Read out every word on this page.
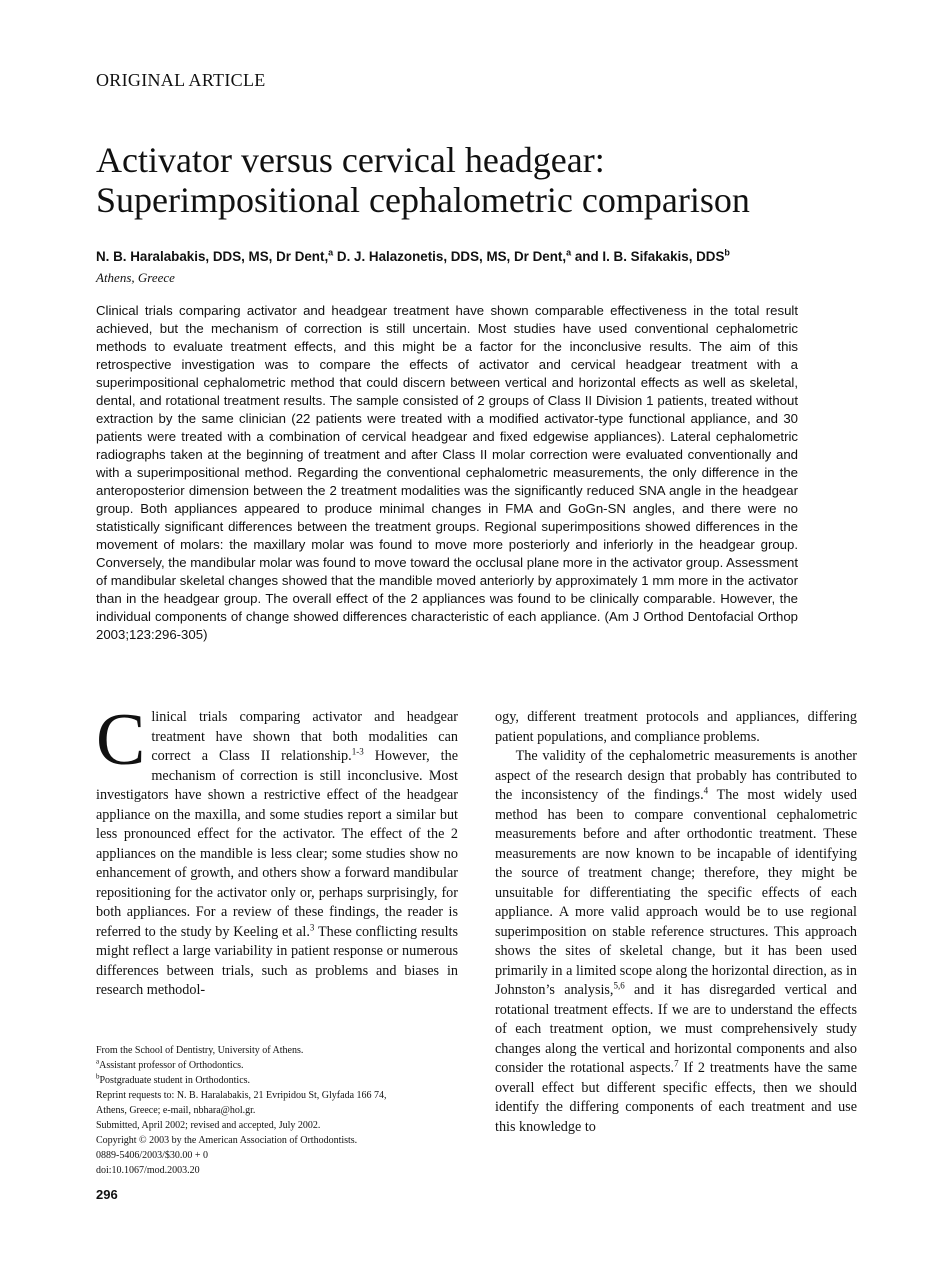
ORIGINAL ARTICLE
Activator versus cervical headgear:
Superimpositional cephalometric comparison
N. B. Haralabakis, DDS, MS, Dr Dent,$^a$ D. J. Halazonetis, DDS, MS, Dr Dent,$^a$ and I. B. Sifakakis, DDS$^b$
Athens, Greece

Clinical trials comparing activator and headgear treatment have shown comparable effectiveness in the total result achieved, but the mechanism of correction is still uncertain. Most studies have used conventional cephalometric methods to evaluate treatment effects, and this might be a factor for the inconclusive results. The aim of this retrospective investigation was to compare the effects of activator and cervical headgear treatment with a superimpositional cephalometric method that could discern between vertical and horizontal effects as well as skeletal, dental, and rotational treatment results. The sample consisted of 2 groups of Class II Division 1 patients, treated without extraction by the same clinician (22 patients were treated with a modified activator-type functional appliance, and 30 patients were treated with a combination of cervical headgear and fixed edgewise appliances). Lateral cephalometric radiographs taken at the beginning of treatment and after Class II molar correction were evaluated conventionally and with a superimpositional method. Regarding the conventional cephalometric measurements, the only difference in the anteroposterior dimension between the 2 treatment modalities was the significantly reduced SNA angle in the headgear group. Both appliances appeared to produce minimal changes in FMA and GoGn-SN angles, and there were no statistically significant differences between the treatment groups. Regional superimpositions showed differences in the movement of molars: the maxillary molar was found to move more posteriorly and inferiorly in the headgear group. Conversely, the mandibular molar was found to move toward the occlusal plane more in the activator group. Assessment of mandibular skeletal changes showed that the mandible moved anteriorly by approximately 1 mm more in the activator than in the headgear group. The overall effect of the 2 appliances was found to be clinically comparable. However, the individual components of change showed differences characteristic of each appliance. (Am J Orthod Dentofacial Orthop 2003;123:296-305)

Clinical trials comparing activator and headgear treatment have shown that both modalities can correct a Class II relationship.$^{1-3}$ However, the mechanism of correction is still inconclusive. Most investigators have shown a restrictive effect of the headgear appliance on the maxilla, and some studies report a similar but less pronounced effect for the activator. The effect of the 2 appliances on the mandible is less clear; some studies show no enhancement of growth, and others show a forward mandibular repositioning for the activator only or, perhaps surprisingly, for both appliances. For a review of these findings, the reader is referred to the study by Keeling et al.$^3$ These conflicting results might reflect a large variability in patient response or numerous differences between trials, such as problems and biases in research methodol-

ogy, different treatment protocols and appliances, differing patient populations, and compliance problems.

The validity of the cephalometric measurements is another aspect of the research design that probably has contributed to the inconsistency of the findings.$^4$ The most widely used method has been to compare conventional cephalometric measurements before and after orthodontic treatment. These measurements are now known to be incapable of identifying the source of treatment change; therefore, they might be unsuitable for differentiating the specific effects of each appliance. A more valid approach would be to use regional superimposition on stable reference structures. This approach shows the sites of skeletal change, but it has been used primarily in a limited scope along the horizontal direction, as in Johnston’s analysis,$^{5,6}$ and it has disregarded vertical and rotational treatment effects. If we are to understand the effects of each treatment option, we must comprehensively study changes along the vertical and horizontal components and also consider the rotational aspects.$^7$ If 2 treatments have the same overall effect but different specific effects, then we should identify the differing components of each treatment and use this knowledge to

From the School of Dentistry, University of Athens.
$^a$Assistant professor of Orthodontics.
$^b$Postgraduate student in Orthodontics.
Reprint requests to: N. B. Haralabakis, 21 Evripidou St, Glyfada 166 74,
Athens, Greece; e-mail, nbhara@hol.gr.
Submitted, April 2002; revised and accepted, July 2002.
Copyright © 2003 by the American Association of Orthodontists.
0889-5406/2003/$30.00 + 0
doi:10.1067/mod.2003.20
296
